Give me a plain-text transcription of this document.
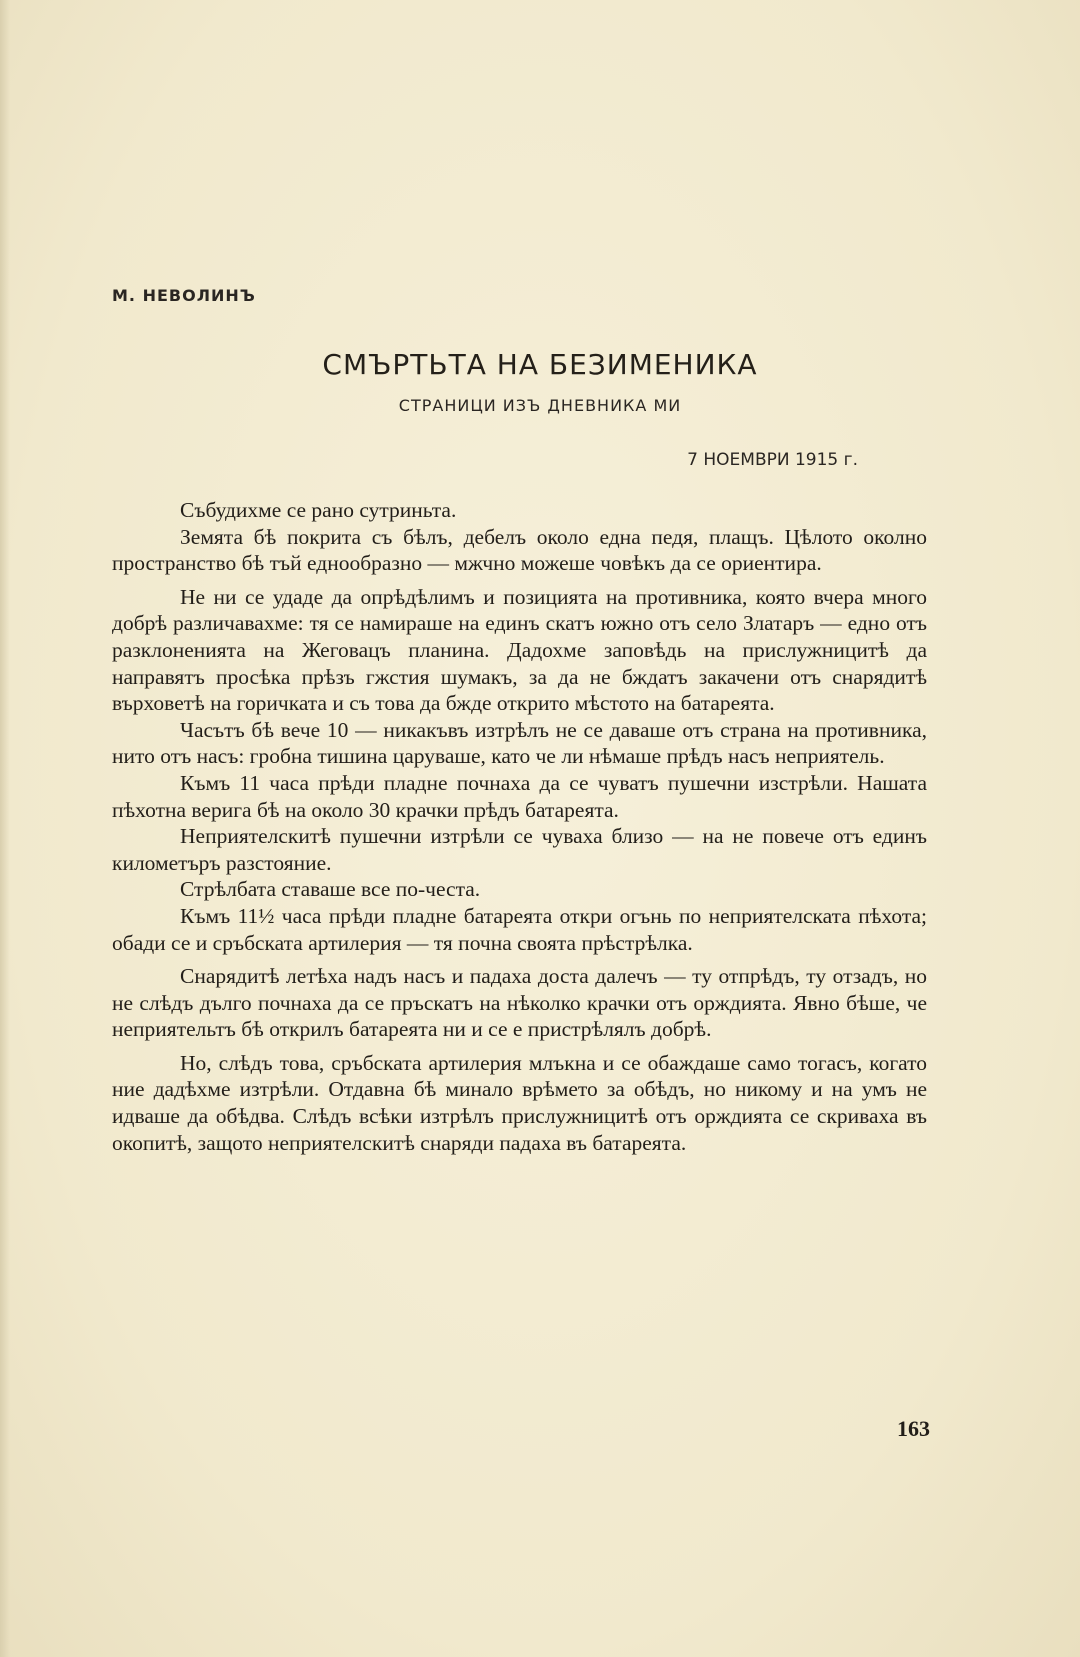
М. НЕВОЛИНЪ
СМЪРТЬТА НА БЕЗИМЕНИКА
СТРАНИЦИ ИЗЪ ДНЕВНИКА МИ
7 НОЕМВРИ 1915 г.

Събудихме се рано сутриньта.

Земята бѣ покрита съ бѣлъ, дебелъ около една педя, плащъ. Цѣлото околно пространство бѣ тъй еднообразно — мжчно можеше човѣкъ да се ориентира.

Не ни се удаде да опрѣдѣлимъ и позицията на противника, която вчера много добрѣ различавахме: тя се намираше на единъ скатъ южно отъ село Златаръ — едно отъ разклоненията на Жеговацъ планина. Дадохме заповѣдь на прислужницитѣ да направятъ просѣка прѣзъ гжстия шумакъ, за да не бждатъ закачени отъ снарядитѣ върховетѣ на горичката и съ това да бжде открито мѣстото на батареята.

Часътъ бѣ вече 10 — никакъвъ изтрѣлъ не се даваше отъ страна на противника, нито отъ насъ: гробна тишина царуваше, като че ли нѣмаше прѣдъ насъ неприятель.

Къмъ 11 часа прѣди пладне почнаха да се чуватъ пушечни изстрѣли. Нашата пѣхотна верига бѣ на около 30 крачки прѣдъ батареята.

Неприятелскитѣ пушечни изтрѣли се чуваха близо — на не повече отъ единъ километъръ разстояние.

Стрѣлбата ставаше все по-честа.

Къмъ 11½ часа прѣди пладне батареята откри огънь по неприятелската пѣхота; обади се и сръбската артилерия — тя почна своята прѣстрѣлка.

Снарядитѣ летѣха надъ насъ и падаха доста далечъ — ту отпрѣдъ, ту отзадъ, но не слѣдъ дълго почнаха да се пръскатъ на нѣколко крачки отъ орждията. Явно бѣше, че неприятельтъ бѣ открилъ батареята ни и се е пристрѣлялъ добрѣ.

Но, слѣдъ това, сръбската артилерия млъкна и се обаждаше само тогасъ, когато ние дадѣхме изтрѣли. Отдавна бѣ минало врѣмето за обѣдъ, но никому и на умъ не идваше да обѣдва. Слѣдъ всѣки изтрѣлъ прислужницитѣ отъ орждията се скриваха въ окопитѣ, защото неприятелскитѣ снаряди падаха въ батареята.

163
